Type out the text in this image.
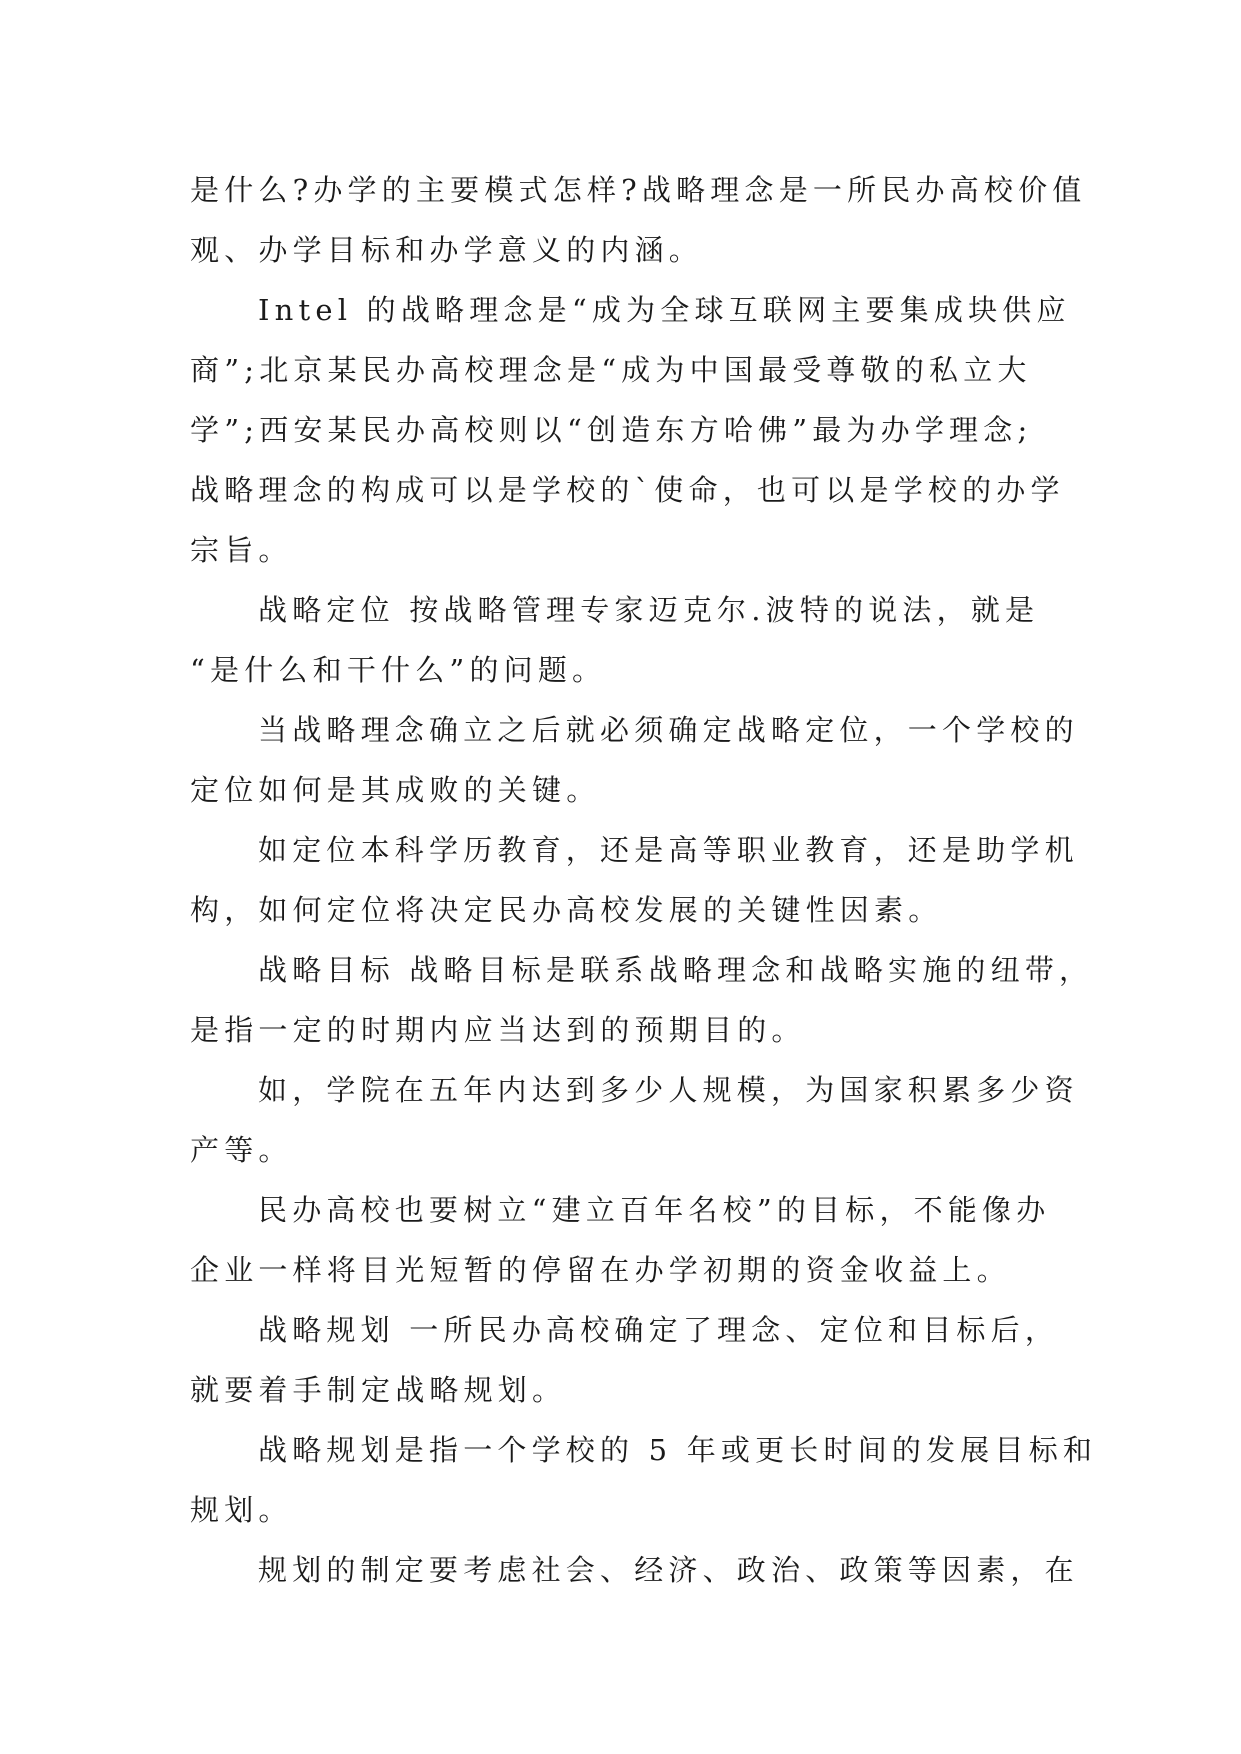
是什么?办学的主要模式怎样?战略理念是一所民办高校价值
观、办学目标和办学意义的内涵。
Intel 的战略理念是“成为全球互联网主要集成块供应
商”;北京某民办高校理念是“成为中国最受尊敬的私立大
学”;西安某民办高校则以“创造东方哈佛”最为办学理念;
战略理念的构成可以是学校的`使命，也可以是学校的办学
宗旨。
战略定位 按战略管理专家迈克尔.波特的说法，就是
“是什么和干什么”的问题。
当战略理念确立之后就必须确定战略定位，一个学校的
定位如何是其成败的关键。
如定位本科学历教育，还是高等职业教育，还是助学机
构，如何定位将决定民办高校发展的关键性因素。
战略目标 战略目标是联系战略理念和战略实施的纽带，
是指一定的时期内应当达到的预期目的。
如，学院在五年内达到多少人规模，为国家积累多少资
产等。
民办高校也要树立“建立百年名校”的目标，不能像办
企业一样将目光短暂的停留在办学初期的资金收益上。
战略规划 一所民办高校确定了理念、定位和目标后，
就要着手制定战略规划。
战略规划是指一个学校的 5 年或更长时间的发展目标和
规划。
规划的制定要考虑社会、经济、政治、政策等因素，在
